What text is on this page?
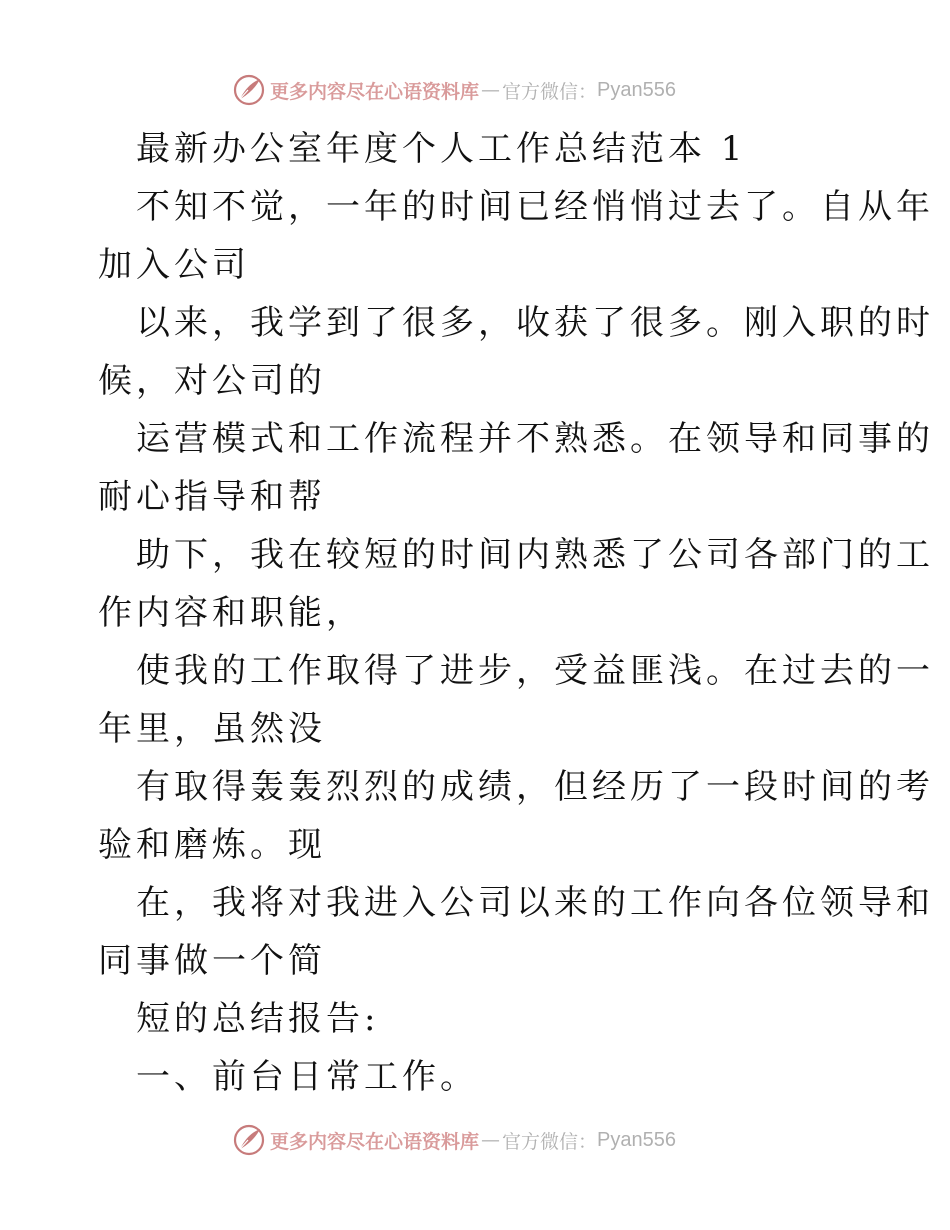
更多内容尽在心语资料库 — 官方微信： Pyan556
最新办公室年度个人工作总结范本 1
不知不觉，一年的时间已经悄悄过去了。自从年
加入公司
以来，我学到了很多，收获了很多。刚入职的时
候，对公司的
运营模式和工作流程并不熟悉。在领导和同事的
耐心指导和帮
助下，我在较短的时间内熟悉了公司各部门的工
作内容和职能，
使我的工作取得了进步，受益匪浅。在过去的一
年里，虽然没
有取得轰轰烈烈的成绩，但经历了一段时间的考
验和磨炼。现
在，我将对我进入公司以来的工作向各位领导和
同事做一个简
短的总结报告:
一、前台日常工作。
更多内容尽在心语资料库 — 官方微信： Pyan556
